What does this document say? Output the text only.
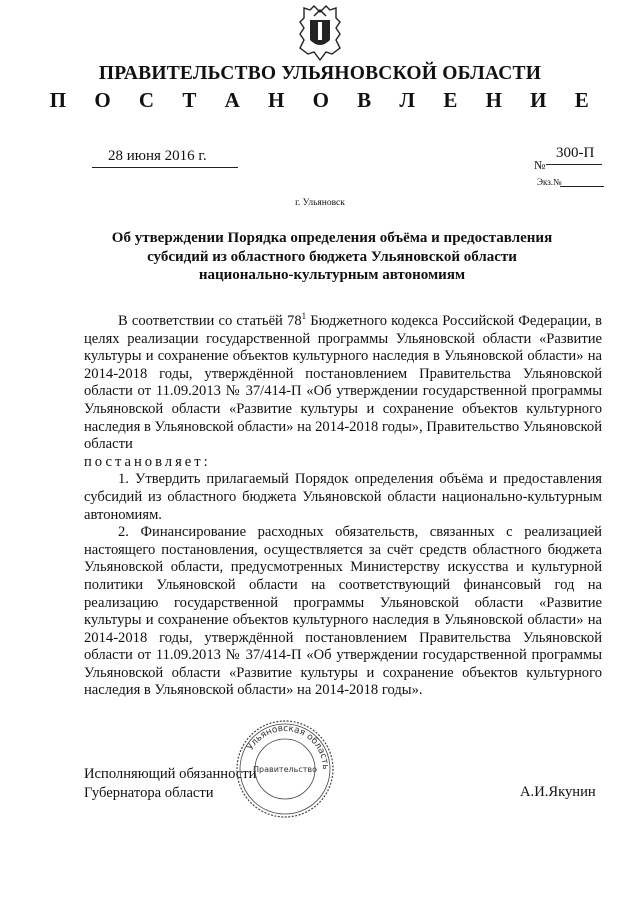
ПРАВИТЕЛЬСТВО УЛЬЯНОВСКОЙ ОБЛАСТИ
П О С Т А Н О В Л Е Н И Е
28 июня 2016 г.
№
300-П
Экз.№
г. Ульяновск
Об утверждении Порядка определения объёма и предоставления
субсидий из областного бюджета Ульяновской области
национально-культурным автономиям

В соответствии со статьёй $78^1$ Бюджетного кодекса Российской Федерации, в целях реализации государственной программы Ульяновской области «Развитие культуры и сохранение объектов культурного наследия в Ульяновской области» на 2014-2018 годы, утверждённой постановлением Правительства Ульяновской области от 11.09.2013 № 37/414-П «Об утверждении государственной программы Ульяновской области «Развитие культуры и сохранение объектов культурного наследия в Ульяновской области» на 2014-2018 годы», Правительство Ульяновской области

постановляет:

1. Утвердить прилагаемый Порядок определения объёма и предоставления субсидий из областного бюджета Ульяновской области национально-культурным автономиям.

2. Финансирование расходных обязательств, связанных с реализацией настоящего постановления, осуществляется за счёт средств областного бюджета Ульяновской области, предусмотренных Министерству искусства и культурной политики Ульяновской области на соответствующий финансовый год на реализацию государственной программы Ульяновской области «Развитие культуры и сохранение объектов культурного наследия в Ульяновской области» на 2014-2018 годы, утверждённой постановлением Правительства Ульяновской области от 11.09.2013 № 37/414-П «Об утверждении государственной программы Ульяновской области «Развитие культуры и сохранение объектов культурного наследия в Ульяновской области» на 2014-2018 годы».

Исполняющий обязанности
Губернатора области	А.И.Якунин
Ульяновская область
Правительство
